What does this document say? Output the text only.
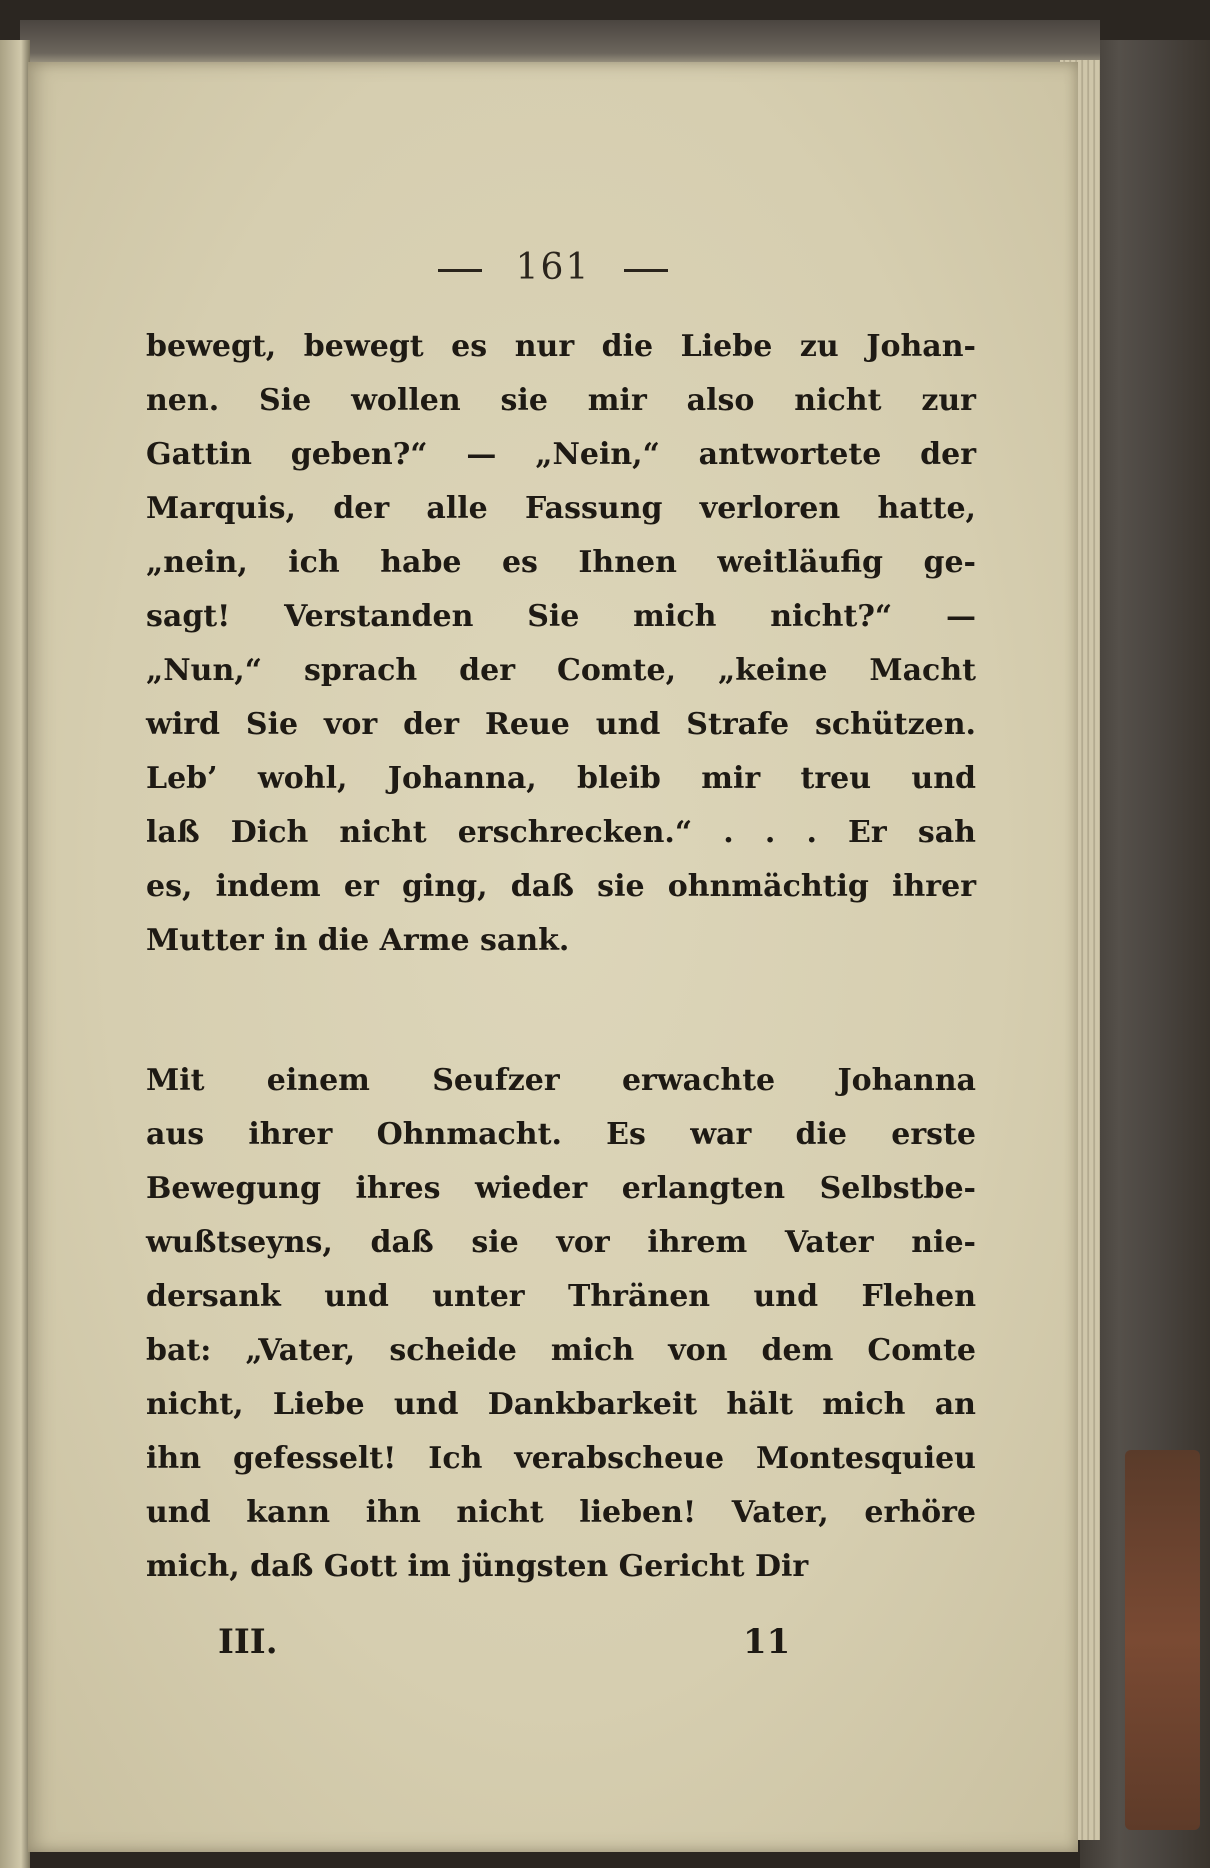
161
bewegt, bewegt es nur die Liebe zu Johan-
nen. Sie wollen sie mir also nicht zur
Gattin geben?“ — „Nein,“ antwortete der
Marquis, der alle Fassung verloren hatte,
„nein, ich habe es Ihnen weitläufig ge-
sagt! Verstanden Sie mich nicht?“ —
„Nun,“ sprach der Comte, „keine Macht
wird Sie vor der Reue und Strafe schützen.
Leb’ wohl, Johanna, bleib mir treu und
laß Dich nicht erschrecken.“ . . . Er sah
es, indem er ging, daß sie ohnmächtig ihrer
Mutter in die Arme sank.
Mit einem Seufzer erwachte Johanna
aus ihrer Ohnmacht. Es war die erste
Bewegung ihres wieder erlangten Selbstbe-
wußtseyns, daß sie vor ihrem Vater nie-
dersank und unter Thränen und Flehen
bat: „Vater, scheide mich von dem Comte
nicht, Liebe und Dankbarkeit hält mich an
ihn gefesselt! Ich verabscheue Montesquieu
und kann ihn nicht lieben! Vater, erhöre
mich, daß Gott im jüngsten Gericht Dir
III.	11
